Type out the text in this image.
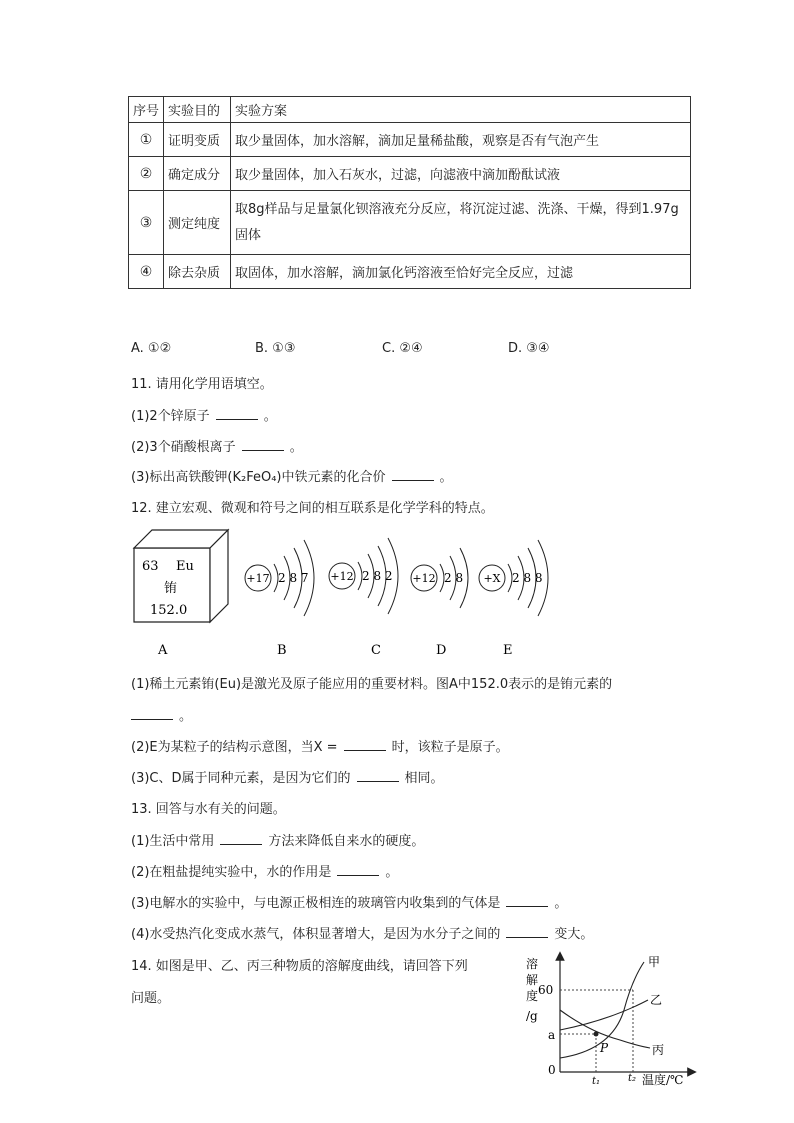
序号	实验目的	实验方案
①	证明变质	取少量固体，加水溶解，滴加足量稀盐酸，观察是否有气泡产生
②	确定成分	取少量固体，加入石灰水，过滤，向滤液中滴加酚酞试液
③	测定纯度	取8g样品与足量氯化钡溶液充分反应，将沉淀过滤、洗涤、干燥，得到1.97g固体
④	除去杂质	取固体，加水溶解，滴加氯化钙溶液至恰好完全反应，过滤
A. ①②	B. ①③	C. ②④	D. ③④
11. 请用化学用语填空。
(1)2个锌原子	。
(2)3个硝酸根离子	。
(3)标出高铁酸钾(K₂FeO₄)中铁元素的化合价	。
12. 建立宏观、微观和符号之间的相互联系是化学学科的特点。
63 Eu
铕
152.0
+17 2 8 7 +12 2 8 2 +12 2 8 +X 2 8 8
A	B	C	D	E
(1)稀土元素铕(Eu)是激光及原子能应用的重要材料。图A中152.0表示的是铕元素的
。
(2)E为某粒子的结构示意图，当X =	时，该粒子是原子。
(3)C、D属于同种元素，是因为它们的	相同。
13. 回答与水有关的问题。
(1)生活中常用	方法来降低自来水的硬度。
(2)在粗盐提纯实验中，水的作用是	。
(3)电解水的实验中，与电源正极相连的玻璃管内收集到的气体是	。
(4)水受热汽化变成水蒸气，体积显著增大，是因为水分子之间的	变大。
14. 如图是甲、乙、丙三种物质的溶解度曲线，请回答下列
问题。
溶
解
度
/g
60
a
0
P
甲
乙
丙
t₁	t₂ 温度/℃
